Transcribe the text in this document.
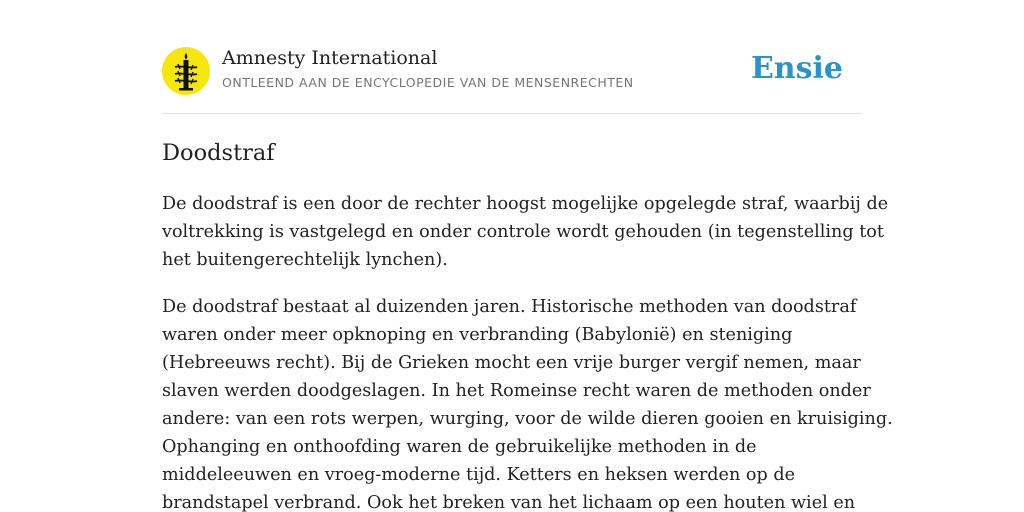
Amnesty International
ONTLEEND AAN DE ENCYCLOPEDIE VAN DE MENSENRECHTEN	Ensie
Doodstraf

De doodstraf is een door de rechter hoogst mogelijke opgelegde straf, waarbij de
voltrekking is vastgelegd en onder controle wordt gehouden (in tegenstelling tot
het buitengerechtelijk lynchen).

De doodstraf bestaat al duizenden jaren. Historische methoden van doodstraf
waren onder meer opknoping en verbranding (Babylonië) en steniging
(Hebreeuws recht). Bij de Grieken mocht een vrije burger vergif nemen, maar
slaven werden doodgeslagen. In het Romeinse recht waren de methoden onder
andere: van een rots werpen, wurging, voor de wilde dieren gooien en kruisiging.
Ophanging en onthoofding waren de gebruikelijke methoden in de
middeleeuwen en vroeg-moderne tijd. Ketters en heksen werden op de
brandstapel verbrand. Ook het breken van het lichaam op een houten wiel en
